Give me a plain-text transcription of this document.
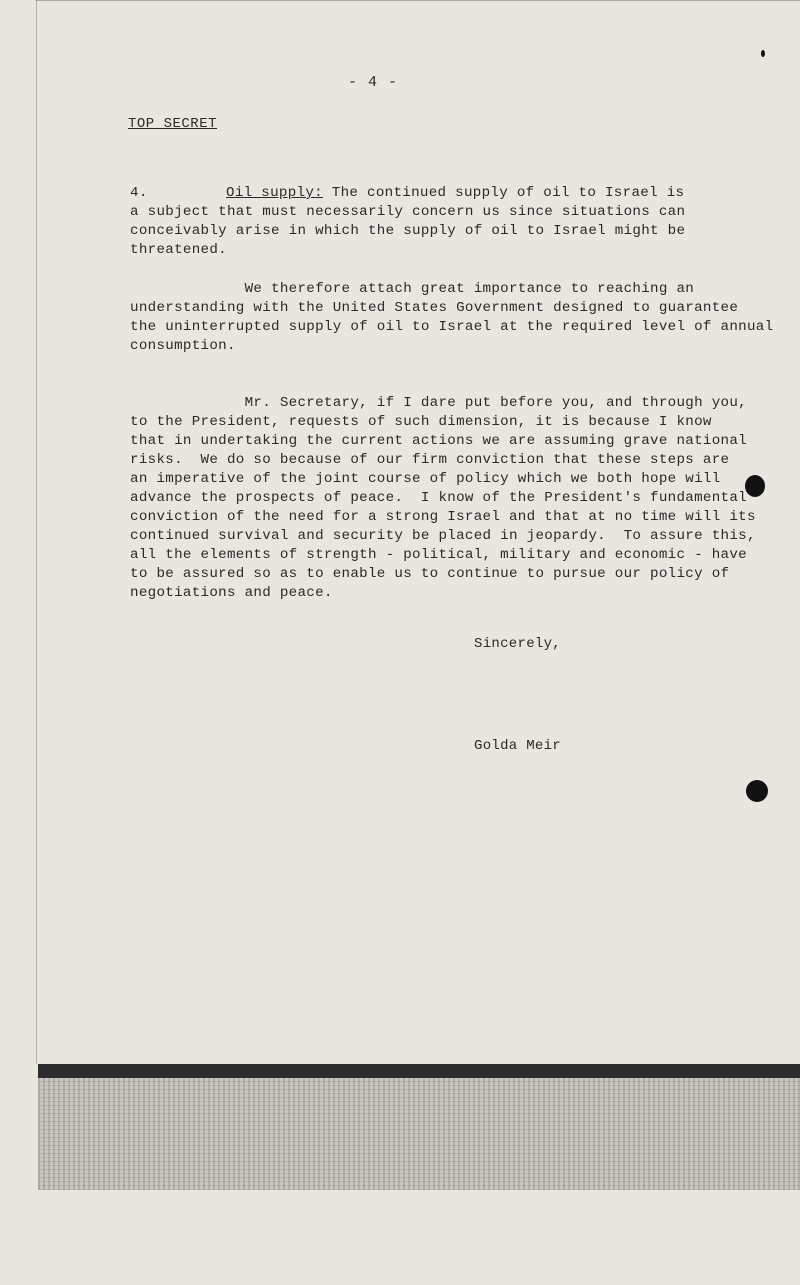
- 4 -
TOP SECRET
4.	Oil supply: The continued supply of oil to Israel is
a subject that must necessarily concern us since situations can
conceivably arise in which the supply of oil to Israel might be
threatened.
We therefore attach great importance to reaching an
understanding with the United States Government designed to guarantee
the uninterrupted supply of oil to Israel at the required level of annual
consumption.
Mr. Secretary, if I dare put before you, and through you,
to the President, requests of such dimension, it is because I know
that in undertaking the current actions we are assuming grave national
risks.  We do so because of our firm conviction that these steps are
an imperative of the joint course of policy which we both hope will
advance the prospects of peace.  I know of the President's fundamental
conviction of the need for a strong Israel and that at no time will its
continued survival and security be placed in jeopardy.  To assure this,
all the elements of strength - political, military and economic - have
to be assured so as to enable us to continue to pursue our policy of
negotiations and peace.
Sincerely,
Golda Meir
